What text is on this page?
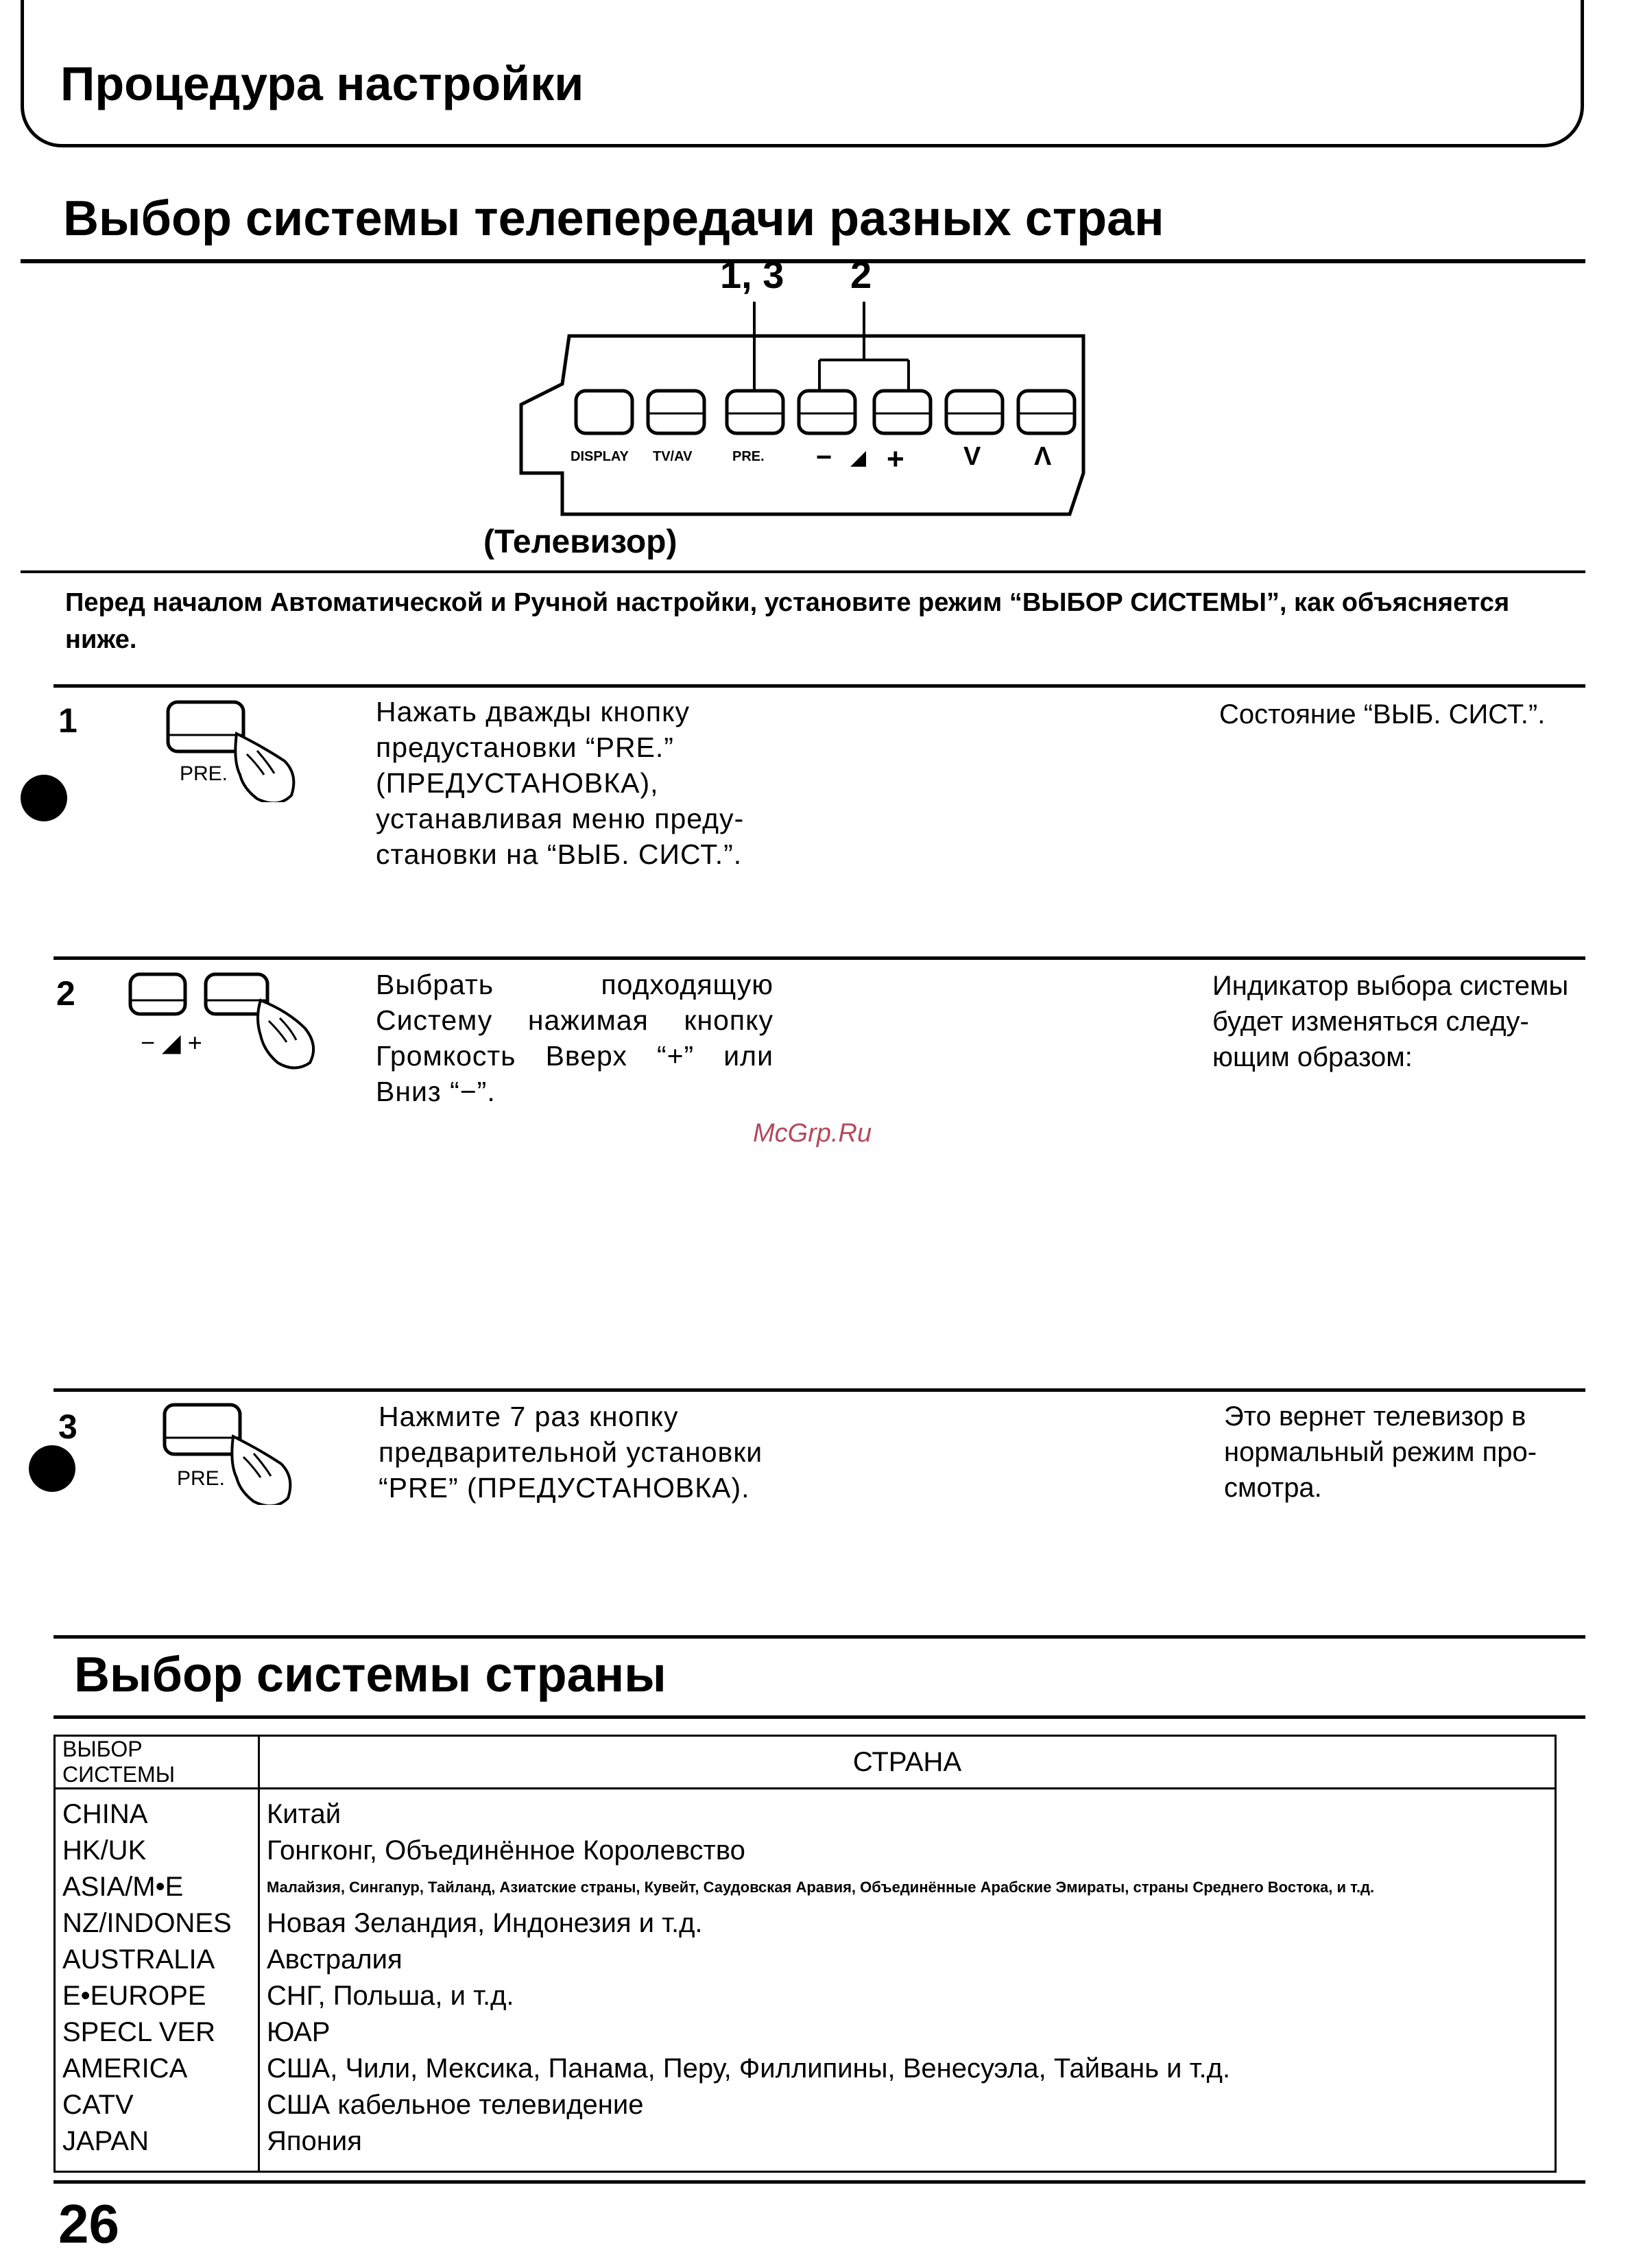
Процедура настройки
Выбор системы телепередачи разных стран
1, 3 2
DISPLAY TV/AV	PRE. − ◢ + V Λ
(Телевизор)
Перед началом Автоматической и Ручной настройки, установите режим “ВЫБОР СИСТЕМЫ”, как объясняется ниже.
1
PRE.
Нажать дважды кнопку предустановки “PRE.” (ПРЕДУСТАНОВКА), устанавливая меню преду-становки на “ВЫБ. СИСТ.”.
Состояние “ВЫБ. СИСТ.”.
2
− ◢ +
Выбрать подходящую Систему нажимая кнопку Громкость Вверх “+” или Вниз “−”.
Индикатор выбора системы будет изменяться следу-ющим образом:
McGrp.Ru
3
PRE.
Нажмите 7 раз кнопку предварительной установки “PRE” (ПРЕДУСТАНОВКА).
Это вернет телевизор в нормальный режим про-смотра.
Выбор системы страны
ВЫБОР СИСТЕМЫ	СТРАНА
CHINA	Китай
HK/UK	Гонгконг, Объединённое Королевство
ASIA/M•E	Малайзия, Сингапур, Тайланд, Азиатские страны, Кувейт, Саудовская Аравия, Объединённые Арабские Эмираты, страны Среднего Востока, и т.д.
NZ/INDONES	Новая Зеландия, Индонезия и т.д.
AUSTRALIA	Австралия
E•EUROPE	СНГ, Польша, и т.д.
SPECL VER	ЮАР
AMERICA	США, Чили, Мексика, Панама, Перу, Филлипины, Венесуэла, Тайвань и т.д.
CATV	США кабельное телевидение
JAPAN	Япония
26
